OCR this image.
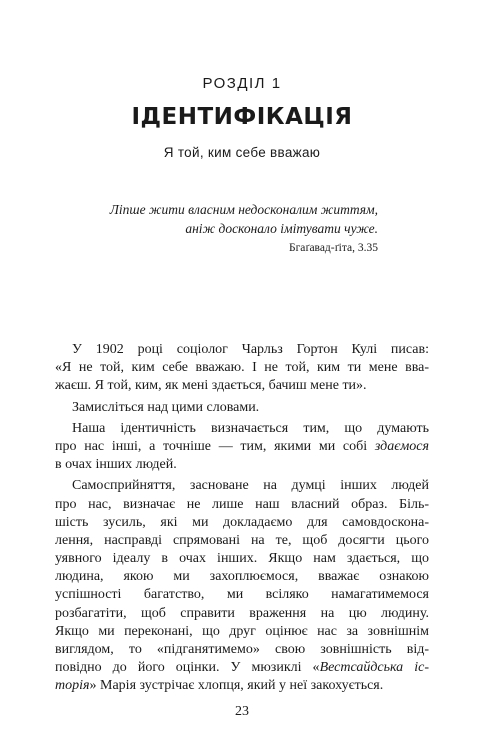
РОЗДІЛ 1
ІДЕНТИФІКАЦІЯ
Я той, ким себе вважаю
Ліпше жити власним недосконалим життям,
аніж досконало імітувати чуже.
Бгаґавад-ґіта, 3.35
У 1902 році соціолог Чарльз Гортон Кулі писав:
«Я не той, ким себе вважаю. І не той, ким ти мене вва-
жаєш. Я той, ким, як мені здається, бачиш мене ти».
Замисліться над цими словами.
Наша ідентичність визначається тим, що думають
про нас інші, а точніше — тим, якими ми собі здаємося
в очах інших людей.
Самосприйняття, засноване на думці інших людей
про нас, визначає не лише наш власний образ. Біль-
шість зусиль, які ми докладаємо для самовдоскона-
лення, насправді спрямовані на те, щоб досягти цього
уявного ідеалу в очах інших. Якщо нам здається, що
людина, якою ми захоплюємося, вважає ознакою
успішності багатство, ми всіляко намагатимемося
розбагатіти, щоб справити враження на цю людину.
Якщо ми переконані, що друг оцінює нас за зовнішнім
виглядом, то «підганятимемо» свою зовнішність від-
повідно до його оцінки. У мюзиклі «Вестсайдська іс-
торія» Марія зустрічає хлопця, який у неї закохується.
23
